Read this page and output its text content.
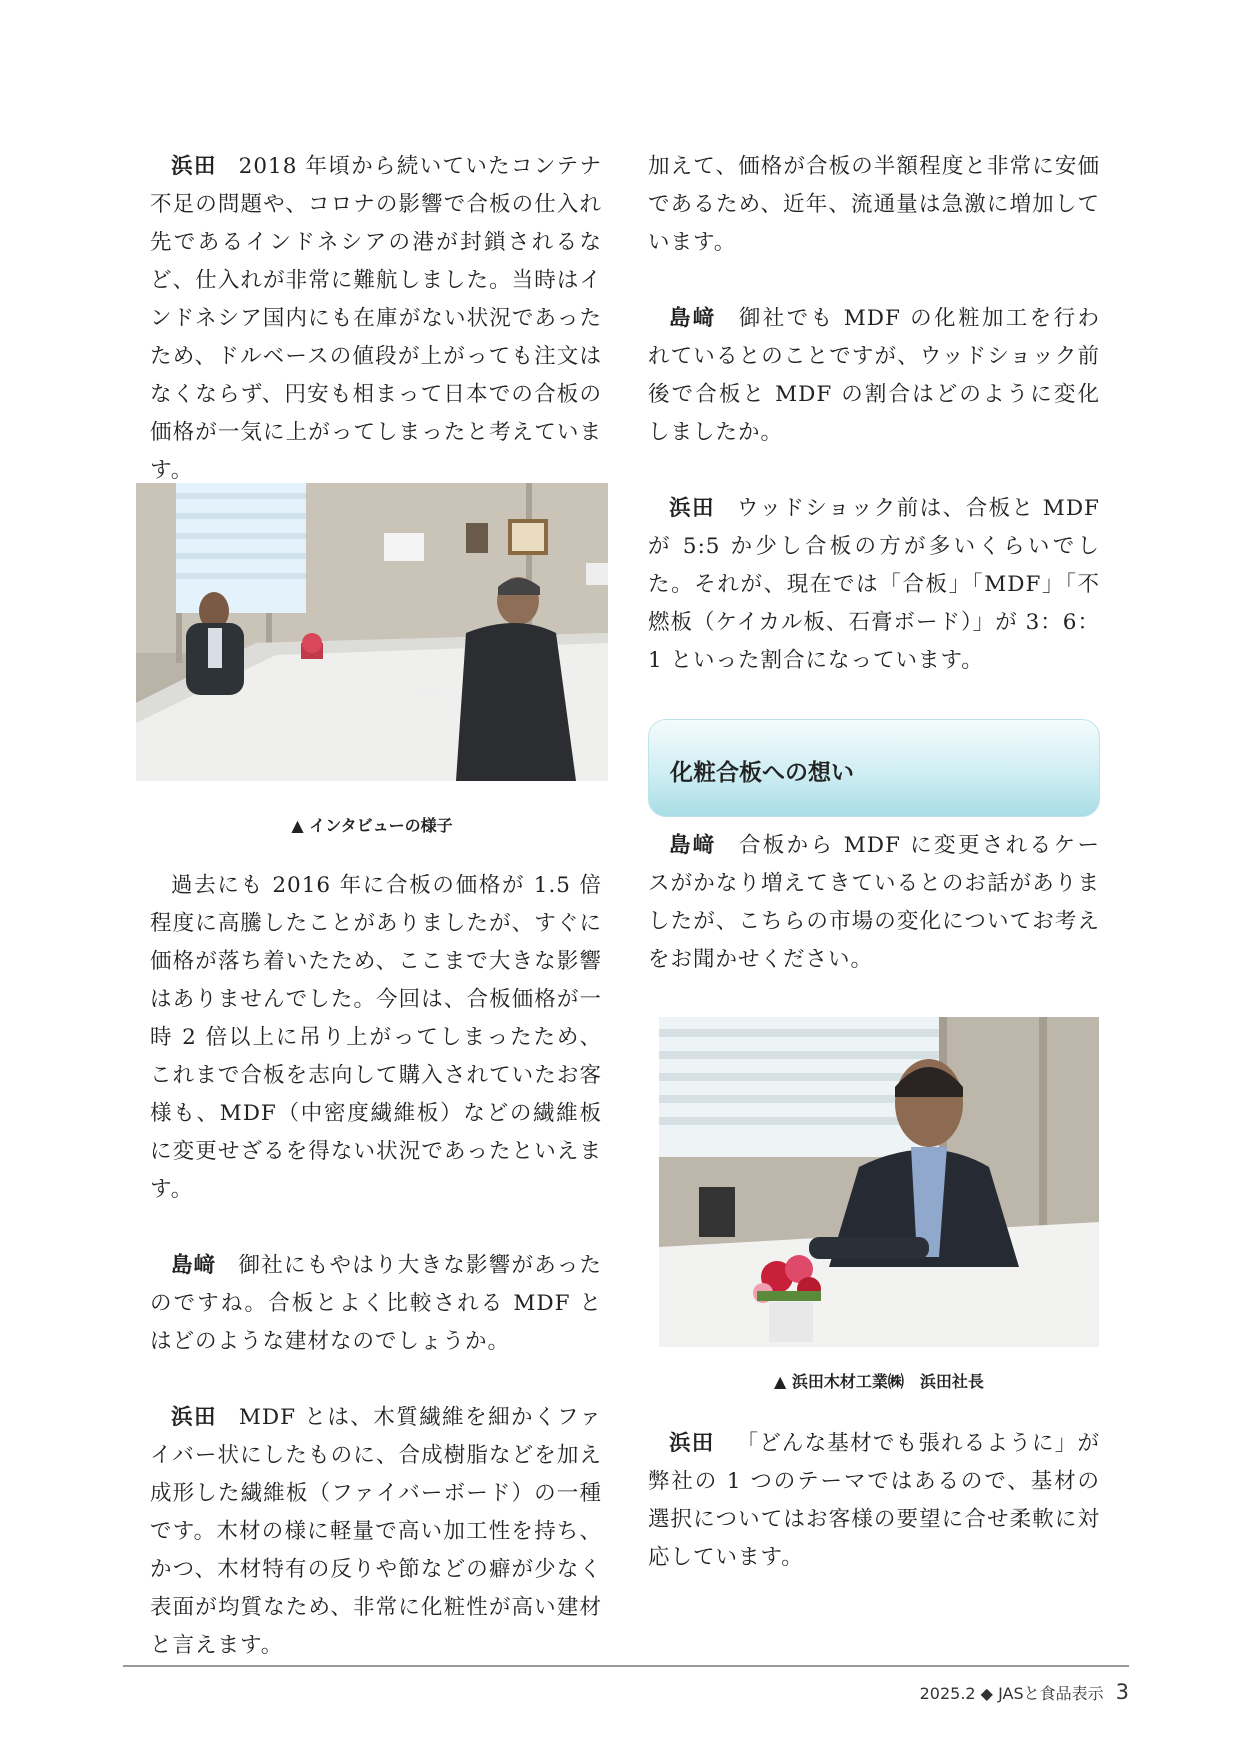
浜田 2018 年頃から続いていたコンテナ不足の問題や、コロナの影響で合板の仕入れ先であるインドネシアの港が封鎖されるなど、仕入れが非常に難航しました。当時はインドネシア国内にも在庫がない状況であったため、ドルベースの値段が上がっても注文はなくならず、円安も相まって日本での合板の価格が一気に上がってしまったと考えています。

▲ インタビューの様子

過去にも 2016 年に合板の価格が 1.5 倍程度に高騰したことがありましたが、すぐに価格が落ち着いたため、ここまで大きな影響はありませんでした。今回は、合板価格が一時 2 倍以上に吊り上がってしまったため、これまで合板を志向して購入されていたお客様も、MDF（中密度繊維板）などの繊維板に変更せざるを得ない状況であったといえます。

島﨑 御社にもやはり大きな影響があったのですね。合板とよく比較される MDF とはどのような建材なのでしょうか。

浜田 MDF とは、木質繊維を細かくファイバー状にしたものに、合成樹脂などを加え成形した繊維板（ファイバーボード）の一種です。木材の様に軽量で高い加工性を持ち、かつ、木材特有の反りや節などの癖が少なく表面が均質なため、非常に化粧性が高い建材と言えます。

加えて、価格が合板の半額程度と非常に安価であるため、近年、流通量は急激に増加しています。

島﨑 御社でも MDF の化粧加工を行われているとのことですが、ウッドショック前後で合板と MDF の割合はどのように変化しましたか。

浜田 ウッドショック前は、合板と MDF が 5:5 か少し合板の方が多いくらいでした。それが、現在では「合板」「MDF」「不燃板（ケイカル板、石膏ボード）」が 3：6：1 といった割合になっています。

化粧合板への想い

島﨑 合板から MDF に変更されるケースがかなり増えてきているとのお話がありましたが、こちらの市場の変化についてお考えをお聞かせください。

▲ 浜田木材工業㈱　浜田社長

浜田 「どんな基材でも張れるように」が弊社の 1 つのテーマではあるので、基材の選択についてはお客様の要望に合せ柔軟に対応しています。

2025.2 ◆ JASと食品表示 3
